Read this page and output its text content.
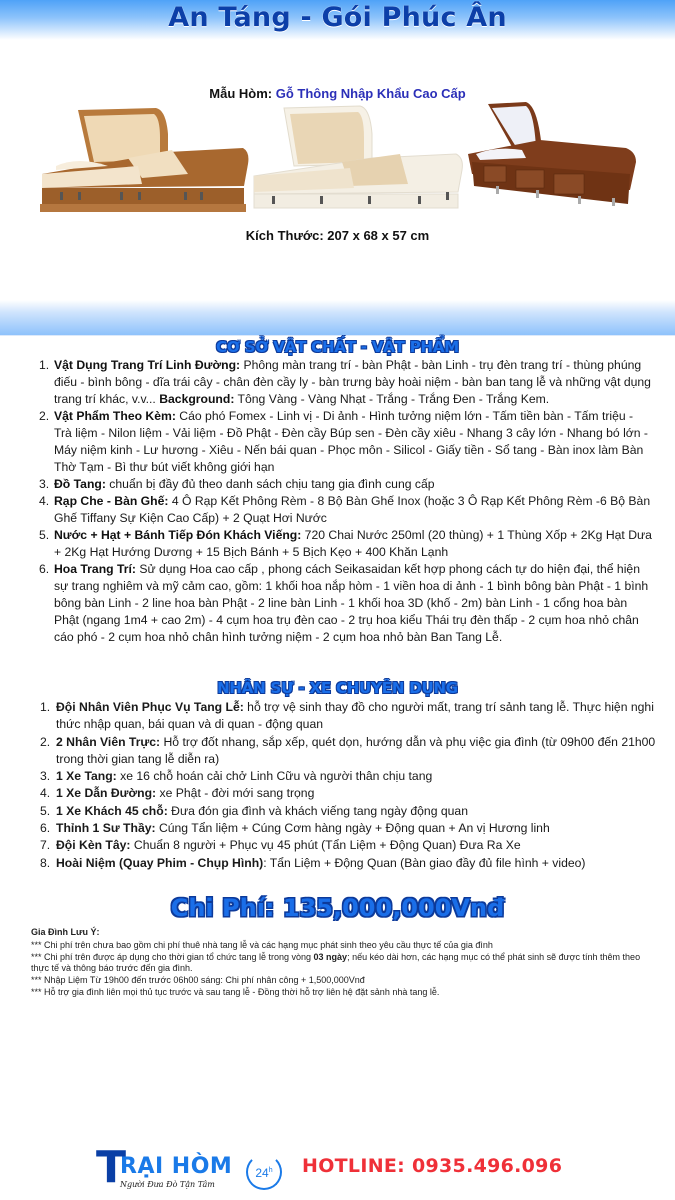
An Táng - Gói Phúc Ân
Mẫu Hòm: Gỗ Thông Nhập Khẩu Cao Cấp
Kích Thước: 207 x 68 x 57 cm
CƠ SỞ VẬT CHẤT - VẬT PHẨM
1. Vật Dụng Trang Trí Linh Đường: Phông màn trang trí - bàn Phật - bàn Linh - trụ đèn trang trí - thùng phúng điếu - bình bông - dĩa trái cây - chân đèn cầy ly - bàn trưng bày hoài niệm - bàn ban tang lễ và những vật dụng trang trí khác, v.v... Background: Tông Vàng - Vàng Nhạt - Trắng - Trắng Đen - Trắng Kem.
2. Vật Phẩm Theo Kèm: Cáo phó Fomex - Linh vị - Di ảnh - Hình tưởng niệm lớn - Tấm tiền bàn - Tấm triệu - Trà liệm - Nilon liệm - Vải liệm - Đồ Phật - Đèn cầy Búp sen - Đèn cầy xiêu - Nhang 3 cây lớn - Nhang bó lớn - Máy niệm kinh - Lư hương - Xiêu - Nến bái quan - Phọc môn - Silicol - Giấy tiền - Sổ tang - Bàn inox làm Bàn Thờ Tạm - Bì thư bút viết không giới hạn
3. Đồ Tang: chuẩn bị đầy đủ theo danh sách chịu tang gia đình cung cấp
4. Rạp Che - Bàn Ghế: 4 Ô Rạp Kết Phông Rèm - 8 Bộ Bàn Ghế Inox (hoặc 3 Ô Rạp Kết Phông Rèm -6 Bộ Bàn Ghế Tiffany Sự Kiện Cao Cấp) + 2 Quạt Hơi Nước
5. Nước + Hạt + Bánh Tiếp Đón Khách Viếng: 720 Chai Nước 250ml (20 thùng) + 1 Thùng Xốp + 2Kg Hạt Dưa + 2Kg Hạt Hướng Dương + 15 Bịch Bánh + 5 Bịch Kẹo + 400 Khăn Lạnh
6. Hoa Trang Trí: Sử dụng Hoa cao cấp , phong cách Seikasaidan kết hợp phong cách tự do hiện đại, thể hiện sự trang nghiêm và mỹ cảm cao, gồm: 1 khối hoa nắp hòm - 1 viền hoa di ảnh - 1 bình bông bàn Phật - 1 bình bông bàn Linh - 2 line hoa bàn Phật - 2 line bàn Linh - 1 khối hoa 3D (khố - 2m) bàn Linh - 1 cổng hoa bàn Phật (ngang 1m4 + cao 2m) - 4 cụm hoa trụ đèn cao - 2 trụ hoa kiểu Thái trụ đèn thấp - 2 cụm hoa nhỏ chân cáo phó - 2 cụm hoa nhỏ chân hình tưởng niệm - 2 cụm hoa nhỏ bàn Ban Tang Lễ.
NHÂN SỰ - XE CHUYÊN DỤNG
1. Đội Nhân Viên Phục Vụ Tang Lễ: hỗ trợ vệ sinh thay đồ cho người mất, trang trí sảnh tang lễ. Thực hiện nghi thức nhập quan, bái quan và di quan - động quan
2. 2 Nhân Viên Trực: Hỗ trợ đốt nhang, sắp xếp, quét dọn, hướng dẫn và phụ việc gia đình (từ 09h00 đến 21h00 trong thời gian tang lễ diễn ra)
3. 1 Xe Tang: xe 16 chỗ hoán cải chở Linh Cữu và người thân chịu tang
4. 1 Xe Dẫn Đường: xe Phật - đời mới sang trọng
5. 1 Xe Khách 45 chỗ: Đưa đón gia đình và khách viếng tang ngày động quan
6. Thỉnh 1 Sư Thầy: Cúng Tẩn liệm + Cúng Cơm hàng ngày + Động quan + An vị Hương linh
7. Đội Kèn Tây: Chuẩn 8 người + Phục vụ 45 phút (Tẩn Liệm + Động Quan) Đưa Ra Xe
8. Hoài Niệm (Quay Phim - Chụp Hình): Tẩn Liệm + Động Quan (Bàn giao đầy đủ file hình + video)
Chi Phí: 135,000,000Vnđ
Gia Đình Lưu Ý:
*** Chi phí trên chưa bao gồm chi phí thuê nhà tang lễ và các hạng mục phát sinh theo yêu cầu thực tế của gia đình
*** Chi phí trên được áp dụng cho thời gian tổ chức tang lễ trong vòng 03 ngày; nếu kéo dài hơn, các hạng mục có thể phát sinh sẽ được tính thêm theo thực tế và thông báo trước đến gia đình.
*** Nhập Liệm Từ 19h00 đến trước 06h00 sáng: Chi phí nhân công + 1,500,000Vnđ
*** Hỗ trợ gia đình liên mọi thủ tục trước và sau tang lễ - Đồng thời hỗ trợ liên hệ đặt sảnh nhà tang lễ.
T
RẠI HÒM
Người Đưa Đò Tận Tâm
24$^h$	HOTLINE: 0935.496.096
